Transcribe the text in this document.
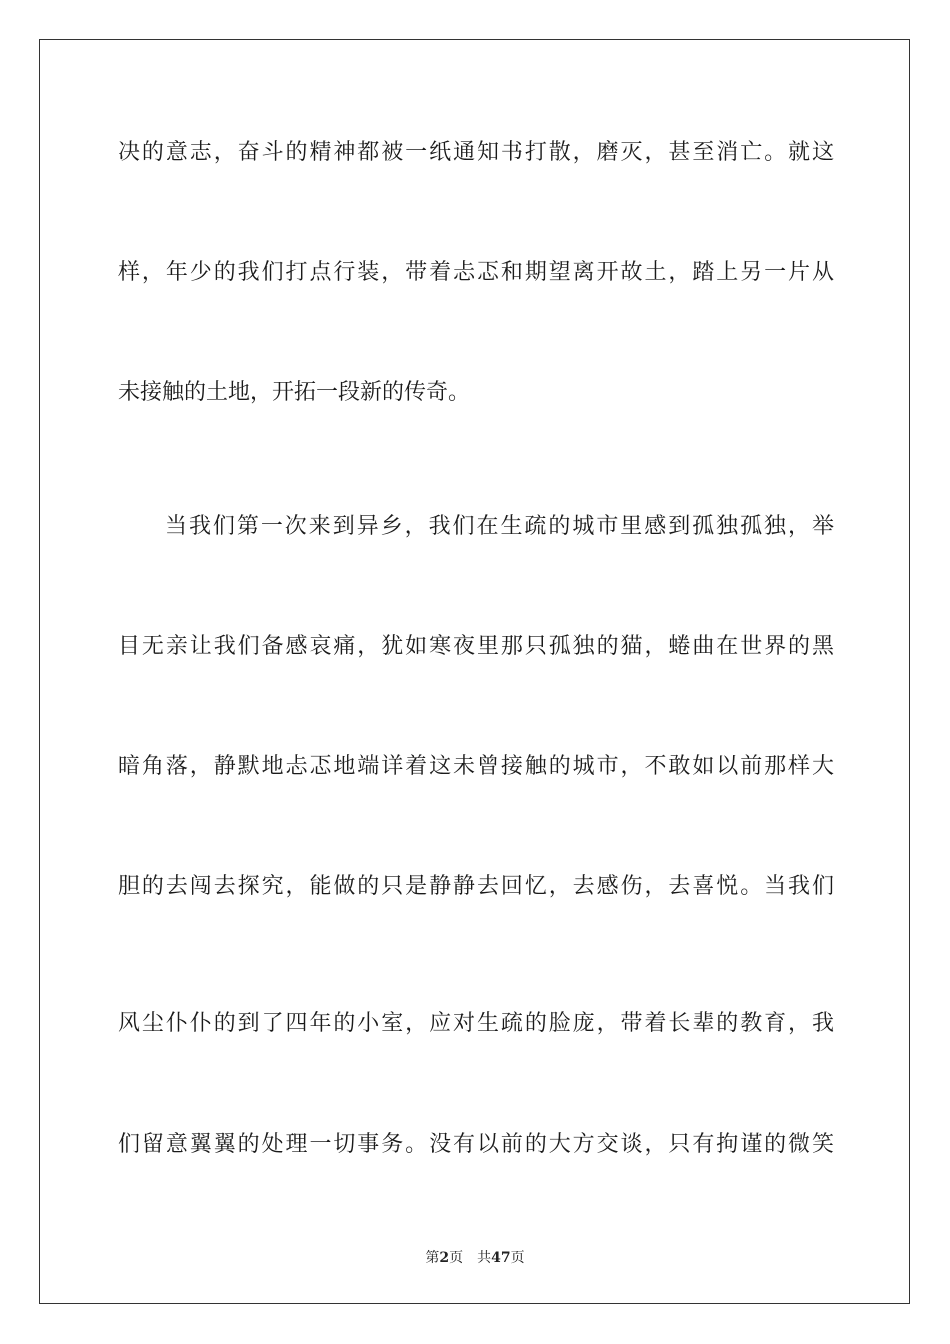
决的意志，奋斗的精神都被一纸通知书打散，磨灭，甚至消亡。就这
样，年少的我们打点行装，带着忐忑和期望离开故土，踏上另一片从
未接触的土地，开拓一段新的传奇。
当我们第一次来到异乡，我们在生疏的城市里感到孤独孤独，举
目无亲让我们备感哀痛，犹如寒夜里那只孤独的猫，蜷曲在世界的黑
暗角落，静默地忐忑地端详着这未曾接触的城市，不敢如以前那样大
胆的去闯去探究，能做的只是静静去回忆，去感伤，去喜悦。当我们
风尘仆仆的到了四年的小室，应对生疏的脸庞，带着长辈的教育，我
们留意翼翼的处理一切事务。没有以前的大方交谈，只有拘谨的微笑
第2页 共47页
